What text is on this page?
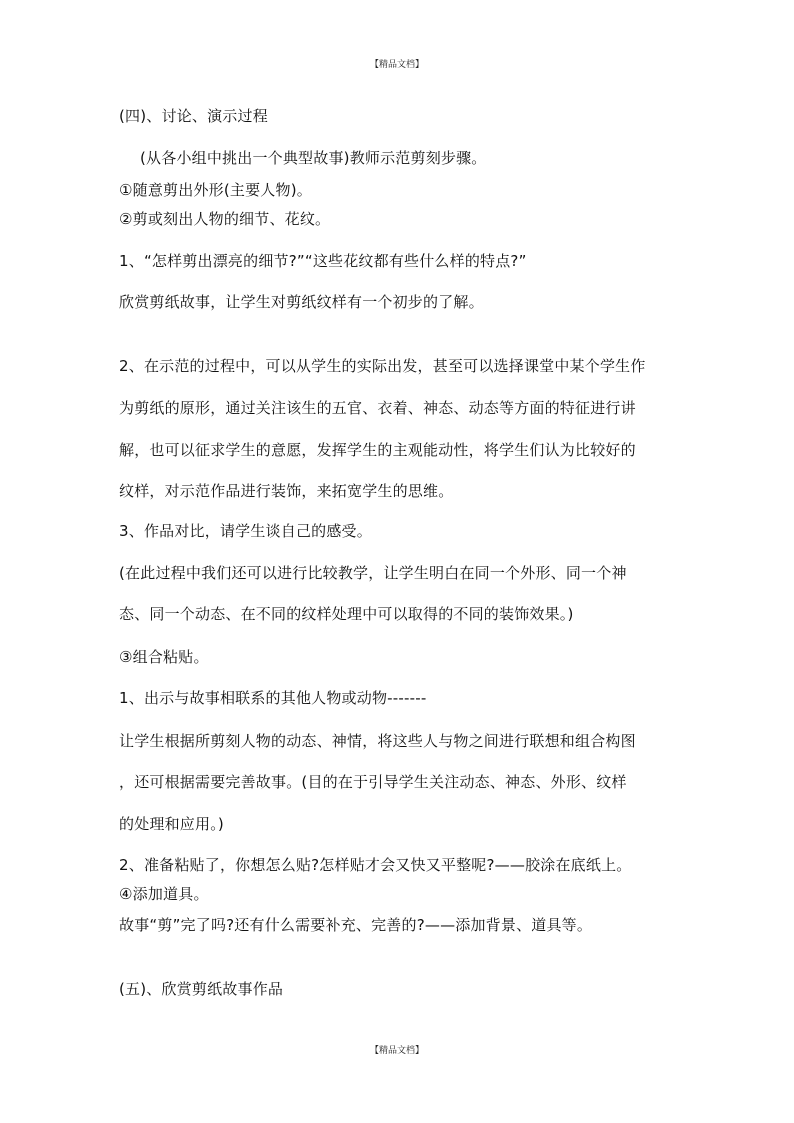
【精品文档】
(四)、讨论、演示过程
(从各小组中挑出一个典型故事)教师示范剪刻步骤。
①随意剪出外形(主要人物)。
②剪或刻出人物的细节、花纹。
1、“怎样剪出漂亮的细节?”“这些花纹都有些什么样的特点?”
欣赏剪纸故事，让学生对剪纸纹样有一个初步的了解。
2、在示范的过程中，可以从学生的实际出发，甚至可以选择课堂中某个学生作
为剪纸的原形，通过关注该生的五官、衣着、神态、动态等方面的特征进行讲
解，也可以征求学生的意愿，发挥学生的主观能动性，将学生们认为比较好的
纹样，对示范作品进行装饰，来拓宽学生的思维。
3、作品对比，请学生谈自己的感受。
(在此过程中我们还可以进行比较教学，让学生明白在同一个外形、同一个神
态、同一个动态、在不同的纹样处理中可以取得的不同的装饰效果。)
③组合粘贴。
1、出示与故事相联系的其他人物或动物-------
让学生根据所剪刻人物的动态、神情，将这些人与物之间进行联想和组合构图
，还可根据需要完善故事。(目的在于引导学生关注动态、神态、外形、纹样
的处理和应用。)
2、准备粘贴了，你想怎么贴?怎样贴才会又快又平整呢?——胶涂在底纸上。
④添加道具。
故事“剪”完了吗?还有什么需要补充、完善的?——添加背景、道具等。
(五)、欣赏剪纸故事作品
【精品文档】
